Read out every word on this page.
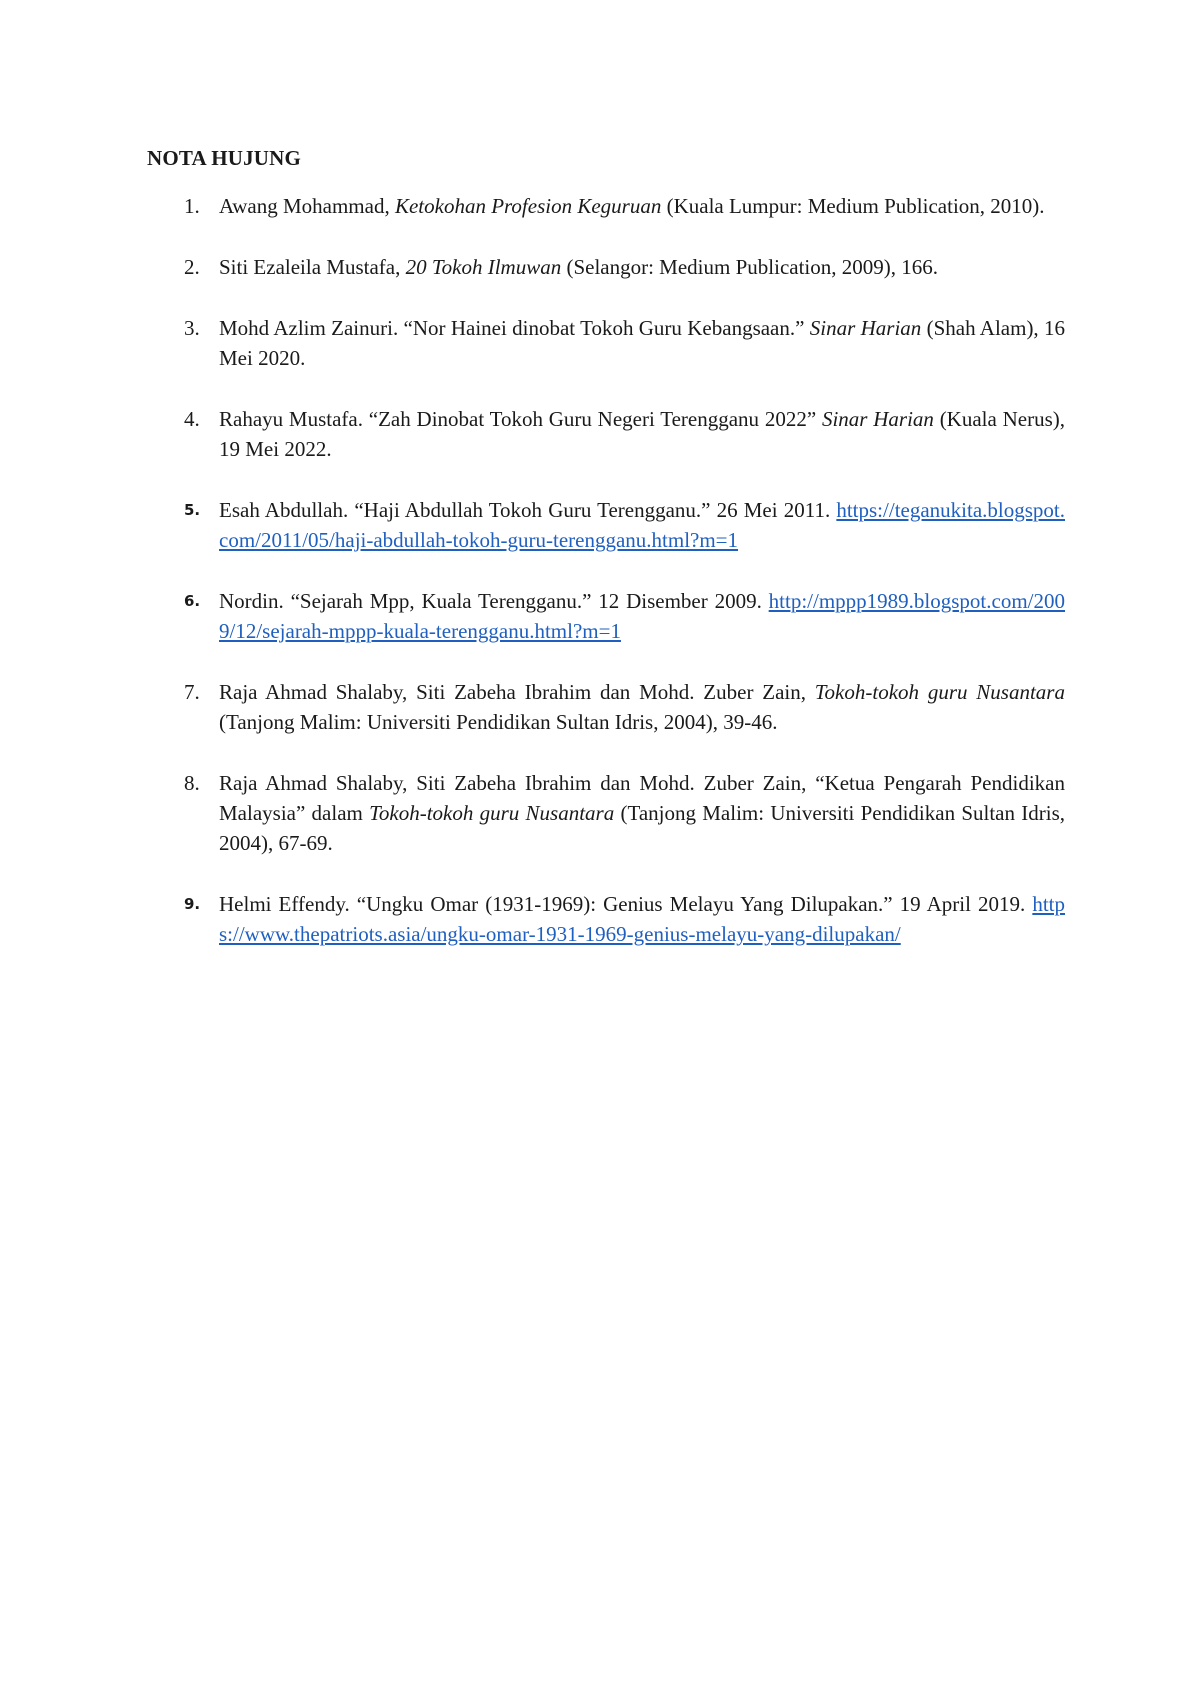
NOTA HUJUNG
1. Awang Mohammad, Ketokohan Profesion Keguruan (Kuala Lumpur: Medium Publication, 2010).
2. Siti Ezaleila Mustafa, 20 Tokoh Ilmuwan (Selangor: Medium Publication, 2009), 166.
3. Mohd Azlim Zainuri. “Nor Hainei dinobat Tokoh Guru Kebangsaan.” Sinar Harian (Shah Alam), 16 Mei 2020.
4. Rahayu Mustafa. “Zah Dinobat Tokoh Guru Negeri Terengganu 2022” Sinar Harian (Kuala Nerus), 19 Mei 2022.
5. Esah Abdullah. “Haji Abdullah Tokoh Guru Terengganu.” 26 Mei 2011. https://teganukita.blogspot.com/2011/05/haji-abdullah-tokoh-guru-terengganu.html?m=1
6. Nordin. “Sejarah Mpp, Kuala Terengganu.” 12 Disember 2009. http://mppp1989.blogspot.com/2009/12/sejarah-mppp-kuala-terengganu.html?m=1
7. Raja Ahmad Shalaby, Siti Zabeha Ibrahim dan Mohd. Zuber Zain, Tokoh-tokoh guru Nusantara (Tanjong Malim: Universiti Pendidikan Sultan Idris, 2004), 39-46.
8. Raja Ahmad Shalaby, Siti Zabeha Ibrahim dan Mohd. Zuber Zain, “Ketua Pengarah Pendidikan Malaysia” dalam Tokoh-tokoh guru Nusantara (Tanjong Malim: Universiti Pendidikan Sultan Idris, 2004), 67-69.
9. Helmi Effendy. “Ungku Omar (1931-1969): Genius Melayu Yang Dilupakan.” 19 April 2019. https://www.thepatriots.asia/ungku-omar-1931-1969-genius-melayu-yang-dilupakan/
